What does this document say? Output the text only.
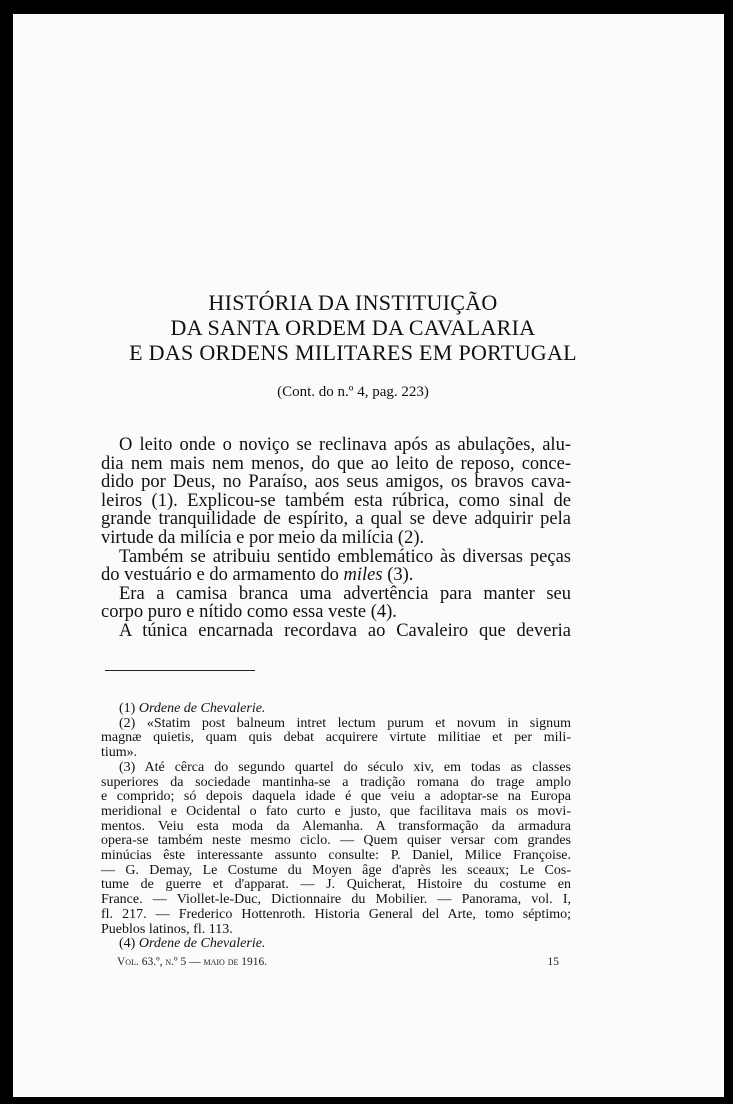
HISTÓRIA DA INSTITUIÇÃO
DA SANTA ORDEM DA CAVALARIA
E DAS ORDENS MILITARES EM PORTUGAL
(Cont. do n.º 4, pag. 223)

O leito onde o noviço se reclinava após as abulações, alu-
dia nem mais nem menos, do que ao leito de reposo, conce-
dido por Deus, no Paraíso, aos seus amigos, os bravos cava-
leiros (1). Explicou-se também esta rúbrica, como sinal de
grande tranquilidade de espírito, a qual se deve adquirir pela
virtude da milícia e por meio da milícia (2).

Também se atribuiu sentido emblemático às diversas peças
do vestuário e do armamento do miles (3).

Era a camisa branca uma advertência para manter seu
corpo puro e nítido como essa veste (4).

A túnica encarnada recordava ao Cavaleiro que deveria

(1) Ordene de Chevalerie.
(2) «Statim post balneum intret lectum purum et novum in signum
magnæ quietis, quam quis debat acquirere virtute militiae et per mili-
tium».
(3) Até cêrca do segundo quartel do século xiv, em todas as classes
superiores da sociedade mantinha-se a tradição romana do trage amplo
e comprido; só depois daquela idade é que veiu a adoptar-se na Europa
meridional e Ocidental o fato curto e justo, que facilitava mais os movi-
mentos. Veiu esta moda da Alemanha. A transformação da armadura
opera-se também neste mesmo ciclo. — Quem quiser versar com grandes
minúcias êste interessante assunto consulte: P. Daniel, Milice Françoise.
— G. Demay, Le Costume du Moyen âge d'après les sceaux; Le Cos-
tume de guerre et d'apparat. — J. Quicherat, Histoire du costume en
France. — Viollet-le-Duc, Dictionnaire du Mobilier. — Panorama, vol. I,
fl. 217. — Frederico Hottenroth. Historia General del Arte, tomo séptimo;
Pueblos latinos, fl. 113.
(4) Ordene de Chevalerie.
Vol. 63.º, n.º 5 — maio de 1916.	15
